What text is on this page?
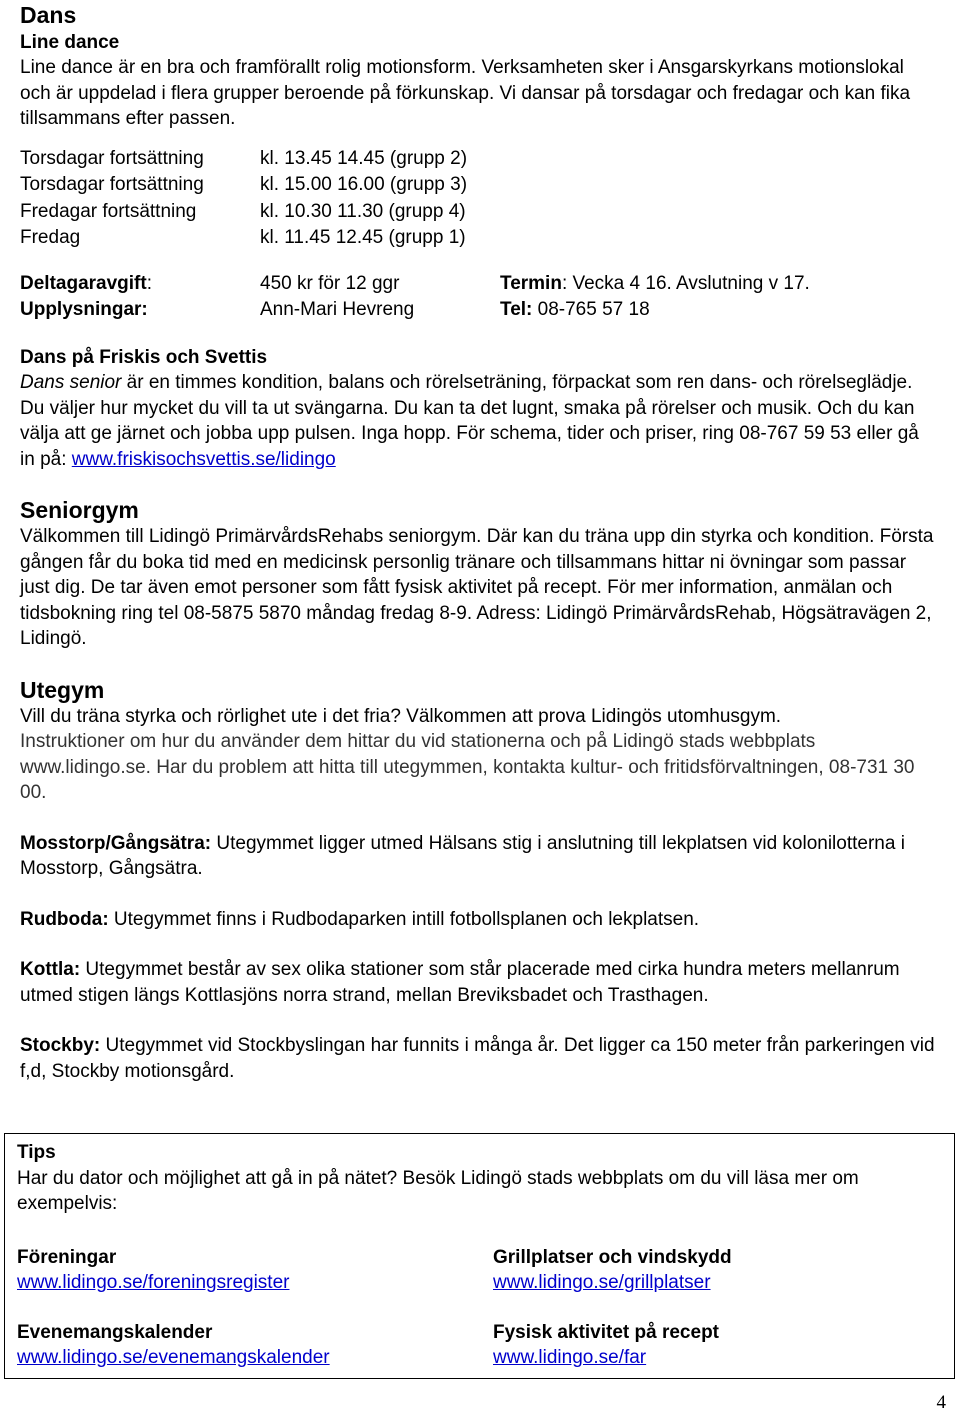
Dans
Line dance

Line dance är en bra och framförallt rolig motionsform. Verksamheten sker i Ansgarskyrkans motionslokal och är uppdelad i flera grupper beroende på förkunskap. Vi dansar på torsdagar och fredagar och kan fika tillsammans efter passen.

Torsdagar fortsättning	kl. 13.45 14.45 (grupp 2)
Torsdagar fortsättning	kl. 15.00 16.00 (grupp 3)
Fredagar fortsättning	kl. 10.30 11.30 (grupp 4)
Fredag	kl. 11.45 12.45 (grupp 1)
Deltagaravgift:	450 kr för 12 ggr	Termin: Vecka 4 16. Avslutning v 17.
Upplysningar:	Ann-Mari Hevreng	Tel: 08-765 57 18
Dans på Friskis och Svettis

Dans senior är en timmes kondition, balans och rörelseträning, förpackat som ren dans- och rörelseglädje. Du väljer hur mycket du vill ta ut svängarna. Du kan ta det lugnt, smaka på rörelser och musik. Och du kan välja att ge järnet och jobba upp pulsen. Inga hopp. För schema, tider och priser, ring 08-767 59 53 eller gå in på: www.friskisochsvettis.se/lidingo

Seniorgym

Välkommen till Lidingö PrimärvårdsRehabs seniorgym. Där kan du träna upp din styrka och kondition. Första gången får du boka tid med en medicinsk personlig tränare och tillsammans hittar ni övningar som passar just dig. De tar även emot personer som fått fysisk aktivitet på recept. För mer information, anmälan och tidsbokning ring tel 08-5875 5870 måndag fredag 8-9. Adress: Lidingö PrimärvårdsRehab, Högsätravägen 2, Lidingö.

Utegym

Vill du träna styrka och rörlighet ute i det fria? Välkommen att prova Lidingös utomhusgym.

Instruktioner om hur du använder dem hittar du vid stationerna och på Lidingö stads webbplats www.lidingo.se. Har du problem att hitta till utegymmen, kontakta kultur- och fritidsförvaltningen, 08-731 30 00.

Mosstorp/Gångsätra: Utegymmet ligger utmed Hälsans stig i anslutning till lekplatsen vid kolonilotterna i Mosstorp, Gångsätra.

Rudboda: Utegymmet finns i Rudbodaparken intill fotbollsplanen och lekplatsen.

Kottla: Utegymmet består av sex olika stationer som står placerade med cirka hundra meters mellanrum utmed stigen längs Kottlasjöns norra strand, mellan Breviksbadet och Trasthagen.

Stockby: Utegymmet vid Stockbyslingan har funnits i många år. Det ligger ca 150 meter från parkeringen vid f,d, Stockby motionsgård.

Tips

Har du dator och möjlighet att gå in på nätet? Besök Lidingö stads webbplats om du vill läsa mer om exempelvis:

Föreningar
www.lidingo.se/foreningsregister
Grillplatser och vindskydd
www.lidingo.se/grillplatser
Evenemangskalender
www.lidingo.se/evenemangskalender
Fysisk aktivitet på recept
www.lidingo.se/far
4
